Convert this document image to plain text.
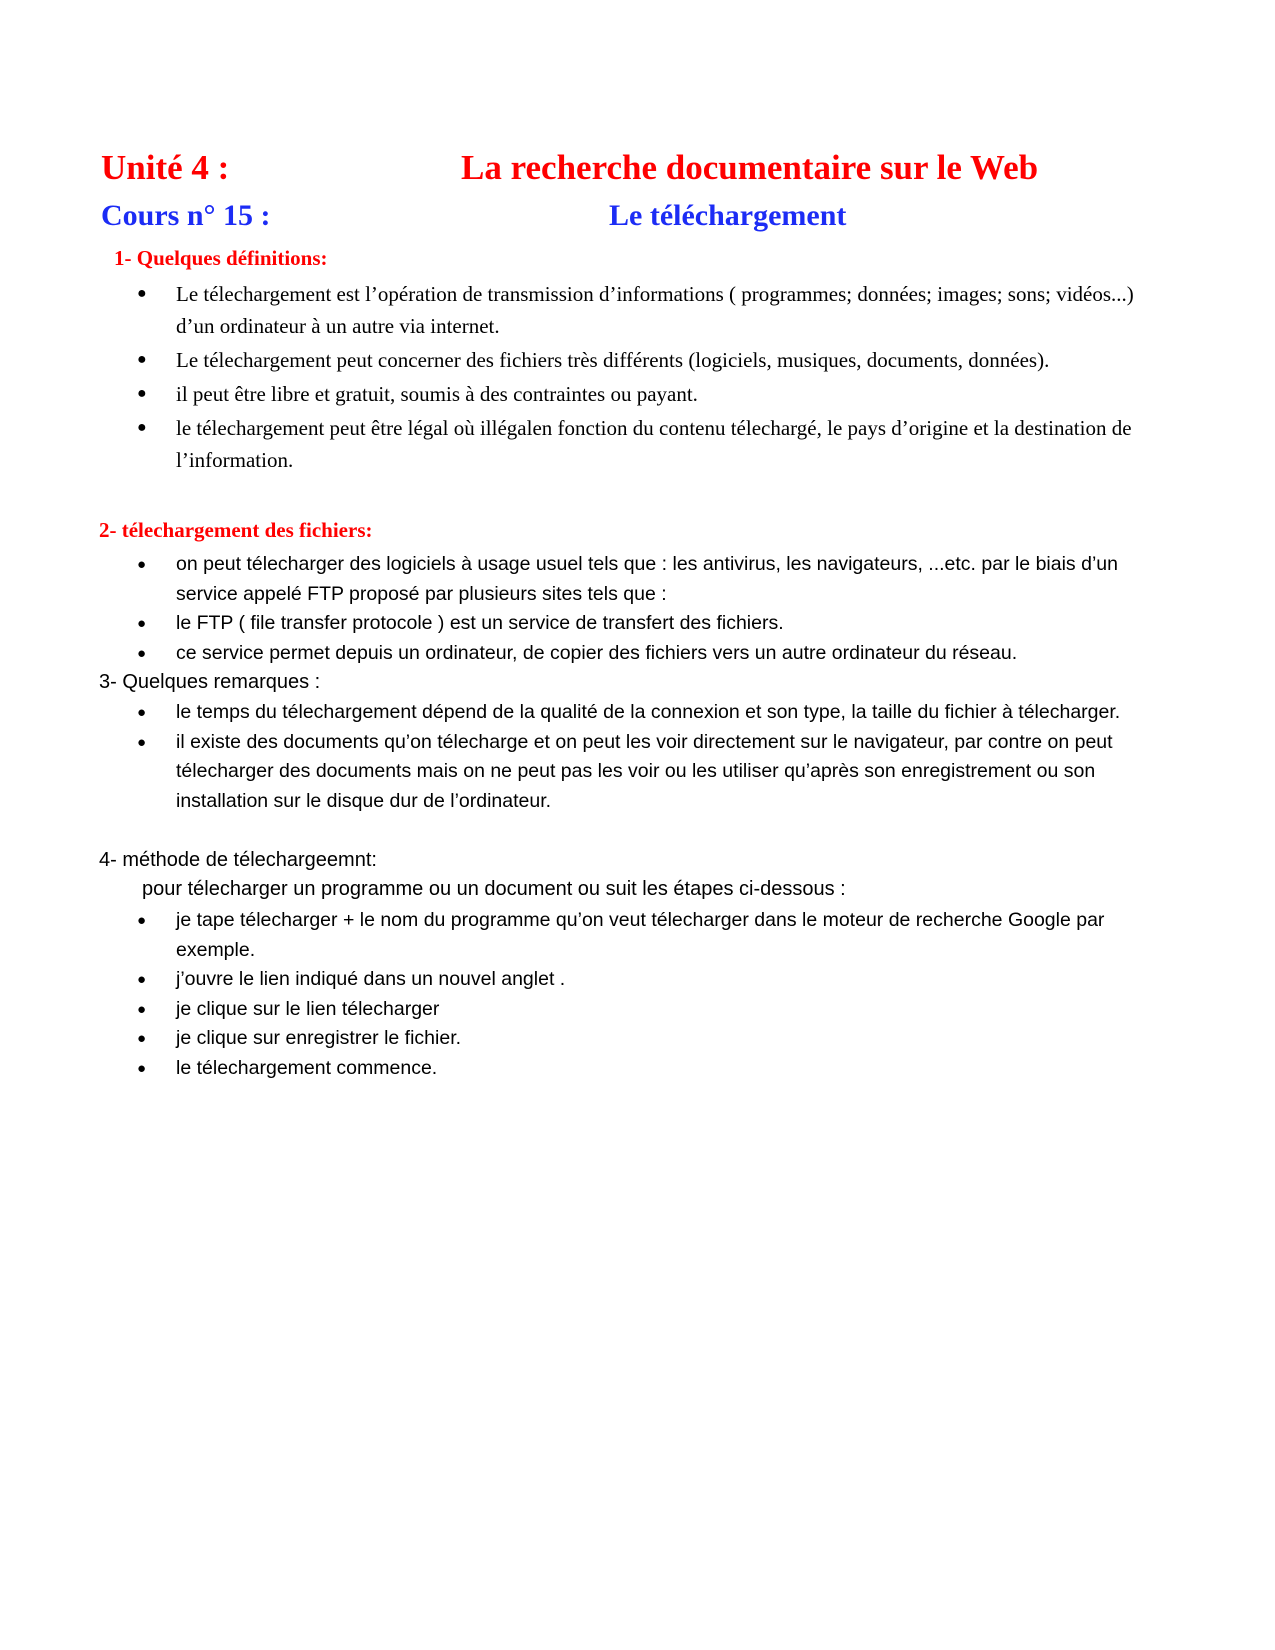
Unité 4 :	La recherche documentaire sur le Web
Cours n° 15 :	Le téléchargement
1- Quelques définitions:
● Le télechargement est l’opération de transmission d’informations ( programmes; données; images; sons; vidéos...) d’un ordinateur à un autre via internet.
● Le télechargement peut concerner des fichiers très différents (logiciels, musiques, documents, données).
● il peut être libre et gratuit, soumis à des contraintes ou payant.
● le télechargement peut être légal où illégalen fonction du contenu télechargé, le pays d’origine et la destination de l’information.
2- télechargement des fichiers:
● on peut télecharger des logiciels à usage usuel tels que : les antivirus, les navigateurs, ...etc. par le biais d’un service appelé FTP proposé par plusieurs sites tels que :
● le FTP ( file transfer protocole ) est un service de transfert des fichiers.
● ce service permet depuis un ordinateur, de copier des fichiers vers un autre ordinateur du réseau.
3- Quelques remarques :
● le temps du télechargement dépend de la qualité de la connexion et son type, la taille du fichier à télecharger.
● il existe des documents qu’on télecharge et on peut les voir directement sur le navigateur, par contre on peut télecharger des documents mais on ne peut pas les voir ou les utiliser qu’après son enregistrement ou son installation sur le disque dur de l’ordinateur.
4- méthode de télechargeemnt:
pour télecharger un programme ou un document ou suit les étapes ci-dessous :
● je tape télecharger + le nom du programme qu’on veut télecharger dans le moteur de recherche Google par exemple.
● j’ouvre le lien indiqué dans un nouvel anglet .
● je clique sur le lien télecharger
● je clique sur enregistrer le fichier.
● le télechargement commence.
